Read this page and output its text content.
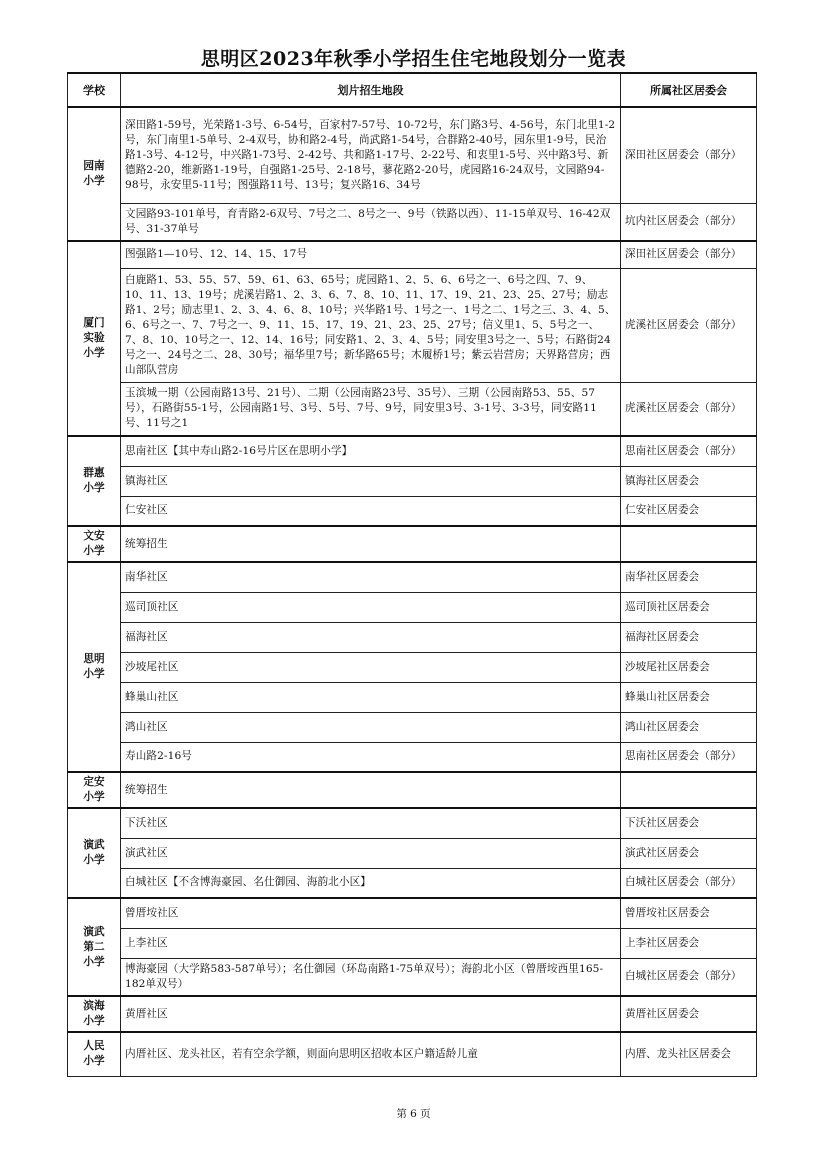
思明区2023年秋季小学招生住宅地段划分一览表
学校	划片招生地段	所属社区居委会
园南
小学	深田路1-59号，光荣路1-3号、6-54号，百家村7-57号、10-72号，东门路3号、4-56号，东门北里1-2号，东门南里1-5单号、2-4双号，协和路2-4号，尚武路1-54号，合群路2-40号，园东里1-9号，民治路1-3号、4-12号，中兴路1-73号、2-42号、共和路1-17号、2-22号、和衷里1-5号、兴中路3号、新德路2-20，维新路1-19号，自强路1-25号、2-18号，蓼花路2-20号，虎园路16-24双号，文园路94-98号，永安里5-11号；图强路11号、13号；复兴路16、34号	深田社区居委会（部分）
	文园路93-101单号，育青路2-6双号、7号之二、8号之一、9号（铁路以西）、11-15单双号、16-42双号、31-37单号	坑内社区居委会（部分）
厦门
实验
小学	图强路1—10号、12、14、15、17号	深田社区居委会（部分）
	白鹿路1、53、55、57、59、61、63、65号；虎园路1、2、5、6、6号之一、6号之四、7、9、10、11、13、19号；虎溪岩路1、2、3、6、7、8、10、11、17、19、21、23、25、27号；励志路1、2号；励志里1、2、3、4、6、8、10号；兴华路1号、1号之一、1号之二、1号之三、3、4、5、6、6号之一、7、7号之一、9、11、15、17、19、21、23、25、27号；信义里1、5、5号之一、7、8、10、10号之一、12、14、16号；同安路1、2、3、4、5号；同安里3号之一、5号；石路街24号之一、24号之二、28、30号；福华里7号；新华路65号；木履桥1号；紫云岩营房；天界路营房；西山部队营房	虎溪社区居委会（部分）
	玉滨城一期（公园南路13号、21号）、二期（公园南路23号、35号）、三期（公园南路53、55、57号），石路街55-1号，公园南路1号、3号、5号、7号、9号，同安里3号、3-1号、3-3号，同安路11号、11号之1	虎溪社区居委会（部分）
群惠
小学	思南社区【其中寿山路2-16号片区在思明小学】	思南社区居委会（部分）
	镇海社区	镇海社区居委会
	仁安社区	仁安社区居委会
文安
小学	统筹招生	
思明
小学	南华社区	南华社区居委会
	巡司顶社区	巡司顶社区居委会
	福海社区	福海社区居委会
	沙坡尾社区	沙坡尾社区居委会
	蜂巢山社区	蜂巢山社区居委会
	鸿山社区	鸿山社区居委会
	寿山路2-16号	思南社区居委会（部分）
定安
小学	统筹招生	
演武
小学	下沃社区	下沃社区居委会
	演武社区	演武社区居委会
	白城社区【不含博海豪园、名仕御园、海韵北小区】	白城社区居委会（部分）
演武
第二
小学	曾厝垵社区	曾厝垵社区居委会
	上李社区	上李社区居委会
	博海豪园（大学路583-587单号）；名仕御园（环岛南路1-75单双号）；海韵北小区（曾厝垵西里165-182单双号）	白城社区居委会（部分）
滨海
小学	黄厝社区	黄厝社区居委会
人民
小学	内厝社区、龙头社区，若有空余学额，则面向思明区招收本区户籍适龄儿童	内厝、龙头社区居委会
第 6 页
